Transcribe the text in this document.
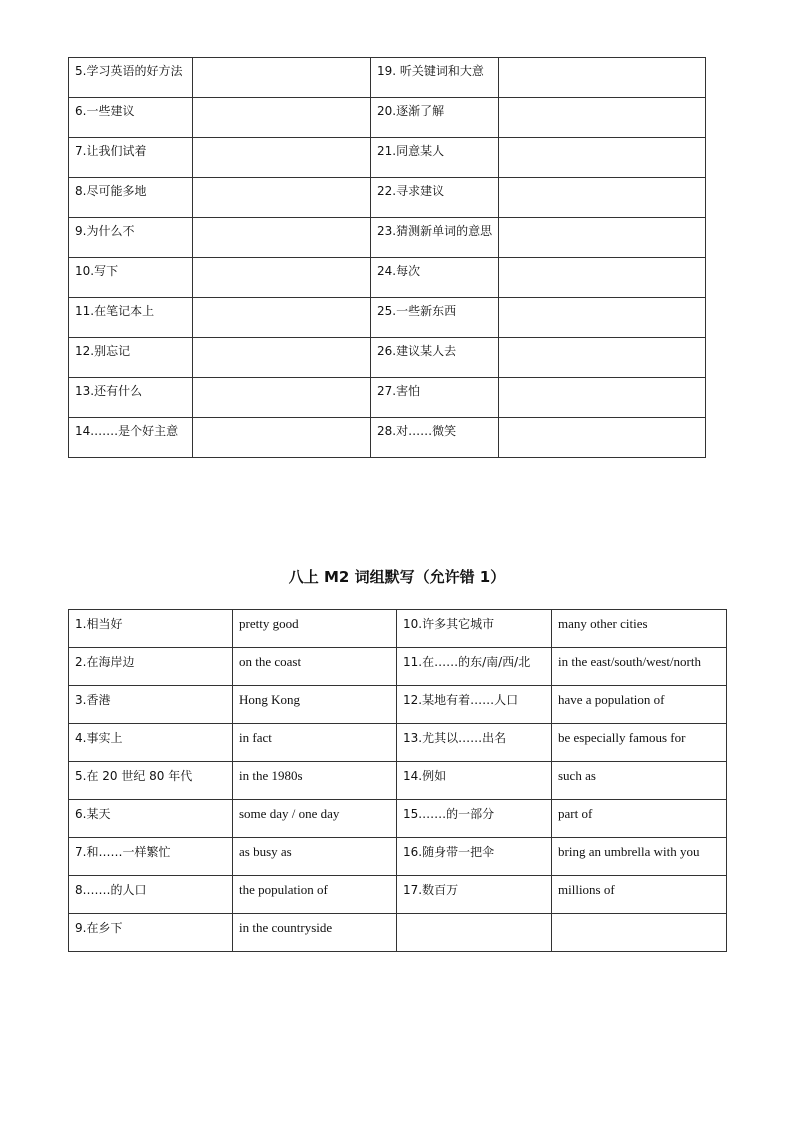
5.学习英语的好方法		19. 听关键词和大意	
6.一些建议		20.逐渐了解	
7.让我们试着		21.同意某人	
8.尽可能多地		22.寻求建议	
9.为什么不		23.猜测新单词的意思	
10.写下		24.每次	
11.在笔记本上		25.一些新东西	
12.别忘记		26.建议某人去	
13.还有什么		27.害怕	
14.……是个好主意		28.对……微笑	
八上 M2 词组默写（允许错 1）
1.相当好	pretty good	10.许多其它城市	many other cities
2.在海岸边	on the coast	11.在……的东/南/西/北	in the east/south/west/north
3.香港	Hong Kong	12.某地有着……人口	have a population of
4.事实上	in fact	13.尤其以……出名	be especially famous for
5.在 20 世纪 80 年代	in the 1980s	14.例如	such as
6.某天	some day / one day	15.……的一部分	part of
7.和……一样繁忙	as busy as	16.随身带一把伞	bring an umbrella with you
8.……的人口	the population of	17.数百万	millions of
9.在乡下	in the countryside		
